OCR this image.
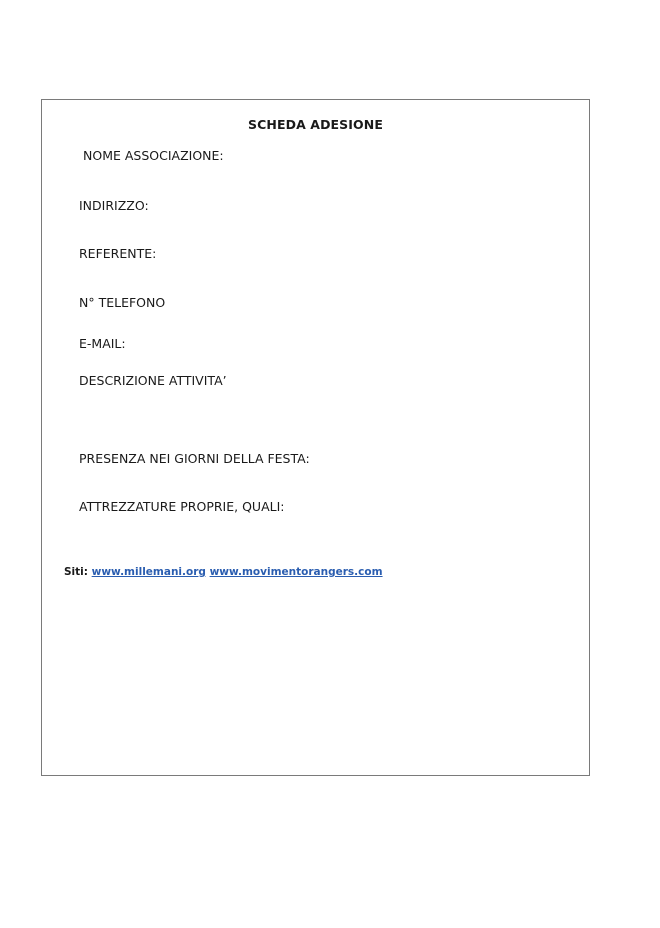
SCHEDA ADESIONE
NOME ASSOCIAZIONE:
INDIRIZZO:
REFERENTE:
N° TELEFONO
E-MAIL:
DESCRIZIONE ATTIVITA’
PRESENZA NEI GIORNI DELLA FESTA:
ATTREZZATURE PROPRIE, QUALI:
Siti: www.millemani.org www.movimentorangers.com
